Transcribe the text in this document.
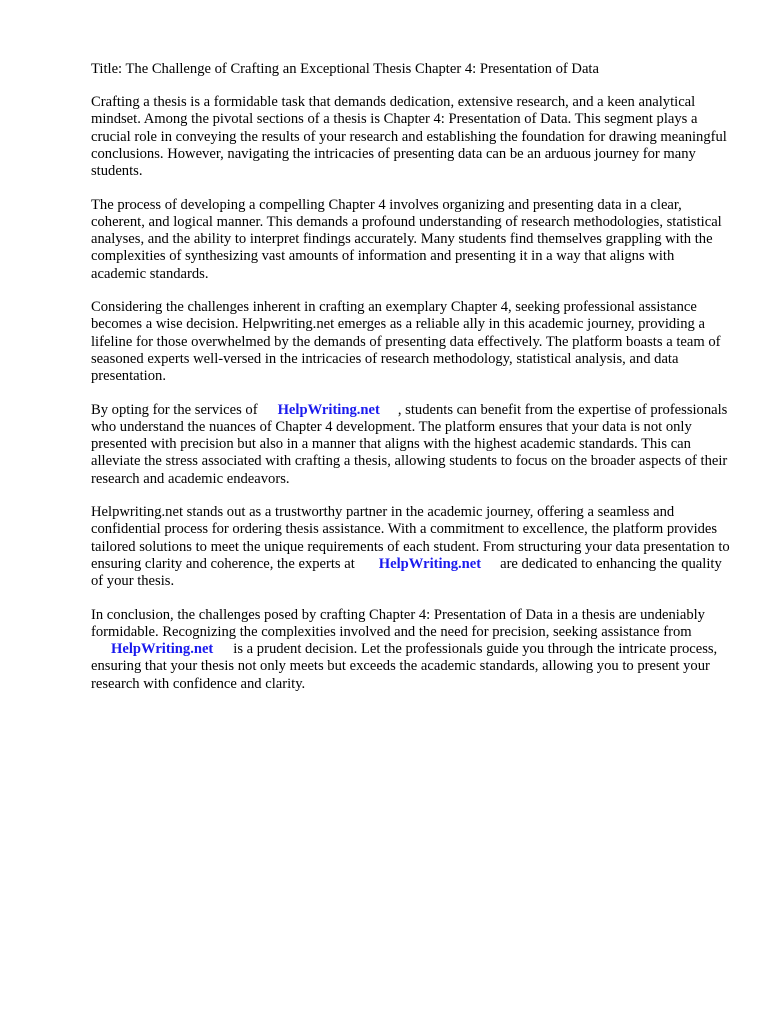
Title: The Challenge of Crafting an Exceptional Thesis Chapter 4: Presentation of Data

Crafting a thesis is a formidable task that demands dedication, extensive research, and a keen analytical mindset. Among the pivotal sections of a thesis is Chapter 4: Presentation of Data. This segment plays a crucial role in conveying the results of your research and establishing the foundation for drawing meaningful conclusions. However, navigating the intricacies of presenting data can be an arduous journey for many students.

The process of developing a compelling Chapter 4 involves organizing and presenting data in a clear, coherent, and logical manner. This demands a profound understanding of research methodologies, statistical analyses, and the ability to interpret findings accurately. Many students find themselves grappling with the complexities of synthesizing vast amounts of information and presenting it in a way that aligns with academic standards.

Considering the challenges inherent in crafting an exemplary Chapter 4, seeking professional assistance becomes a wise decision. Helpwriting.net emerges as a reliable ally in this academic journey, providing a lifeline for those overwhelmed by the demands of presenting data effectively. The platform boasts a team of seasoned experts well-versed in the intricacies of research methodology, statistical analysis, and data presentation.

By opting for the services of HelpWriting.net , students can benefit from the expertise of professionals who understand the nuances of Chapter 4 development. The platform ensures that your data is not only presented with precision but also in a manner that aligns with the highest academic standards. This can alleviate the stress associated with crafting a thesis, allowing students to focus on the broader aspects of their research and academic endeavors.

Helpwriting.net stands out as a trustworthy partner in the academic journey, offering a seamless and confidential process for ordering thesis assistance. With a commitment to excellence, the platform provides tailored solutions to meet the unique requirements of each student. From structuring your data presentation to ensuring clarity and coherence, the experts at HelpWriting.net are dedicated to enhancing the quality of your thesis.

In conclusion, the challenges posed by crafting Chapter 4: Presentation of Data in a thesis are undeniably formidable. Recognizing the complexities involved and the need for precision, seeking assistance fromHelpWriting.net is a prudent decision. Let the professionals guide you through the intricate process, ensuring that your thesis not only meets but exceeds the academic standards, allowing you to present your research with confidence and clarity.
